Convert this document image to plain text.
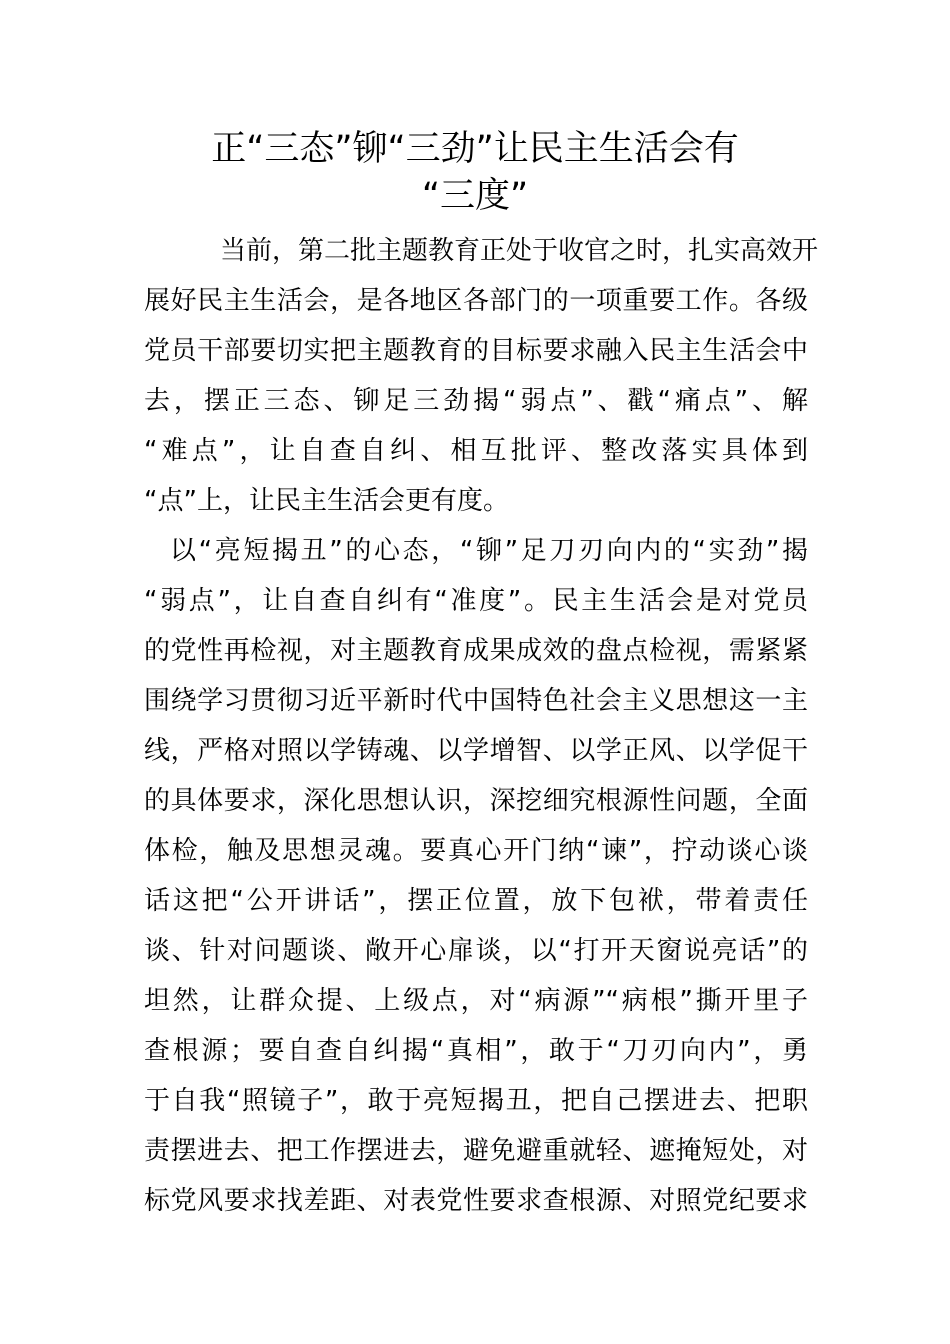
正“三态”铆“三劲”让民主生活会有
“三度”
当前，第二批主题教育正处于收官之时，扎实高效开
展好民主生活会，是各地区各部门的一项重要工作。各级
党员干部要切实把主题教育的目标要求融入民主生活会中
去，摆正三态、铆足三劲揭“弱点”、戳“痛点”、解
“难点”，让自查自纠、相互批评、整改落实具体到
“点”上，让民主生活会更有度。
以“亮短揭丑”的心态，“铆”足刀刃向内的“实劲”揭
“弱点”，让自查自纠有“准度”。民主生活会是对党员
的党性再检视，对主题教育成果成效的盘点检视，需紧紧
围绕学习贯彻习近平新时代中国特色社会主义思想这一主
线，严格对照以学铸魂、以学增智、以学正风、以学促干
的具体要求，深化思想认识，深挖细究根源性问题，全面
体检，触及思想灵魂。要真心开门纳“谏”，拧动谈心谈
话这把“公开讲话”，摆正位置，放下包袱，带着责任
谈、针对问题谈、敞开心扉谈，以“打开天窗说亮话”的
坦然，让群众提、上级点，对“病源”“病根”撕开里子
查根源；要自查自纠揭“真相”，敢于“刀刃向内”，勇
于自我“照镜子”，敢于亮短揭丑，把自己摆进去、把职
责摆进去、把工作摆进去，避免避重就轻、遮掩短处，对
标党风要求找差距、对表党性要求查根源、对照党纪要求
